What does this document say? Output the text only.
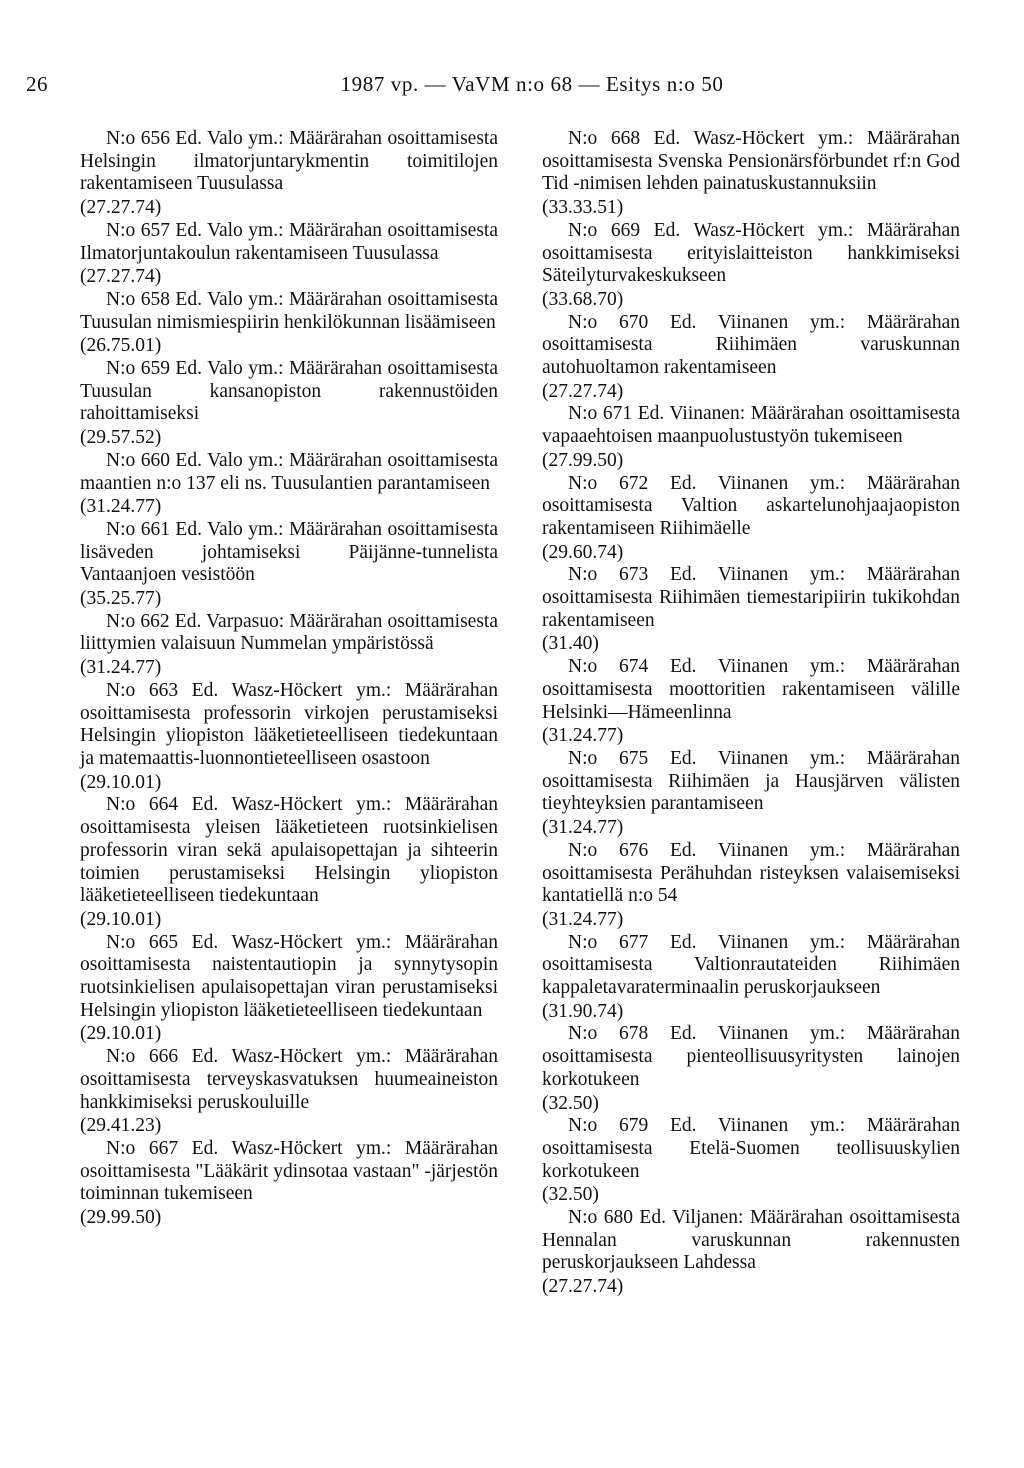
26	1987 vp. — VaVM n:o 68 — Esitys n:o 50
N:o 656 Ed. Valo ym.: Määrärahan osoittamisesta Helsingin ilmatorjuntarykmentin toimitilojen rakentamiseen Tuusulassa
(27.27.74)
N:o 657 Ed. Valo ym.: Määrärahan osoittamisesta Ilmatorjuntakoulun rakentamiseen Tuusulassa
(27.27.74)
N:o 658 Ed. Valo ym.: Määrärahan osoittamisesta Tuusulan nimismiespiirin henkilökunnan lisäämiseen
(26.75.01)
N:o 659 Ed. Valo ym.: Määrärahan osoittamisesta Tuusulan kansanopiston rakennustöiden rahoittamiseksi
(29.57.52)
N:o 660 Ed. Valo ym.: Määrärahan osoittamisesta maantien n:o 137 eli ns. Tuusulantien parantamiseen
(31.24.77)
N:o 661 Ed. Valo ym.: Määrärahan osoittamisesta lisäveden johtamiseksi Päijänne-tunnelista Vantaanjoen vesistöön
(35.25.77)
N:o 662 Ed. Varpasuo: Määrärahan osoittamisesta liittymien valaisuun Nummelan ympäristössä
(31.24.77)
N:o 663 Ed. Wasz-Höckert ym.: Määrärahan osoittamisesta professorin virkojen perustamiseksi Helsingin yliopiston lääketieteelliseen tiedekuntaan ja matemaattis-luonnontieteelliseen osastoon
(29.10.01)
N:o 664 Ed. Wasz-Höckert ym.: Määrärahan osoittamisesta yleisen lääketieteen ruotsinkielisen professorin viran sekä apulaisopettajan ja sihteerin toimien perustamiseksi Helsingin yliopiston lääketieteelliseen tiedekuntaan
(29.10.01)
N:o 665 Ed. Wasz-Höckert ym.: Määrärahan osoittamisesta naistentautiopin ja synnytysopin ruotsinkielisen apulaisopettajan viran perustamiseksi Helsingin yliopiston lääketieteelliseen tiedekuntaan
(29.10.01)
N:o 666 Ed. Wasz-Höckert ym.: Määrärahan osoittamisesta terveyskasvatuksen huumeaineiston hankkimiseksi peruskouluille
(29.41.23)
N:o 667 Ed. Wasz-Höckert ym.: Määrärahan osoittamisesta "Lääkärit ydinsotaa vastaan" -järjestön toiminnan tukemiseen
(29.99.50)
N:o 668 Ed. Wasz-Höckert ym.: Määrärahan osoittamisesta Svenska Pensionärsförbundet rf:n God Tid -nimisen lehden painatuskustannuksiin
(33.33.51)
N:o 669 Ed. Wasz-Höckert ym.: Määrärahan osoittamisesta erityislaitteiston hankkimiseksi Säteilyturvakeskukseen
(33.68.70)
N:o 670 Ed. Viinanen ym.: Määrärahan osoittamisesta Riihimäen varuskunnan autohuoltamon rakentamiseen
(27.27.74)
N:o 671 Ed. Viinanen: Määrärahan osoittamisesta vapaaehtoisen maanpuolustustyön tukemiseen
(27.99.50)
N:o 672 Ed. Viinanen ym.: Määrärahan osoittamisesta Valtion askartelunohjaajaopiston rakentamiseen Riihimäelle
(29.60.74)
N:o 673 Ed. Viinanen ym.: Määrärahan osoittamisesta Riihimäen tiemestaripiirin tukikohdan rakentamiseen
(31.40)
N:o 674 Ed. Viinanen ym.: Määrärahan osoittamisesta moottoritien rakentamiseen välille Helsinki—Hämeenlinna
(31.24.77)
N:o 675 Ed. Viinanen ym.: Määrärahan osoittamisesta Riihimäen ja Hausjärven välisten tieyhteyksien parantamiseen
(31.24.77)
N:o 676 Ed. Viinanen ym.: Määrärahan osoittamisesta Perähuhdan risteyksen valaisemiseksi kantatiellä n:o 54
(31.24.77)
N:o 677 Ed. Viinanen ym.: Määrärahan osoittamisesta Valtionrautateiden Riihimäen kappaletavaraterminaalin peruskorjaukseen
(31.90.74)
N:o 678 Ed. Viinanen ym.: Määrärahan osoittamisesta pienteollisuusyritysten lainojen korkotukeen
(32.50)
N:o 679 Ed. Viinanen ym.: Määrärahan osoittamisesta Etelä-Suomen teollisuuskylien korkotukeen
(32.50)
N:o 680 Ed. Viljanen: Määrärahan osoittamisesta Hennalan varuskunnan rakennusten peruskorjaukseen Lahdessa
(27.27.74)
